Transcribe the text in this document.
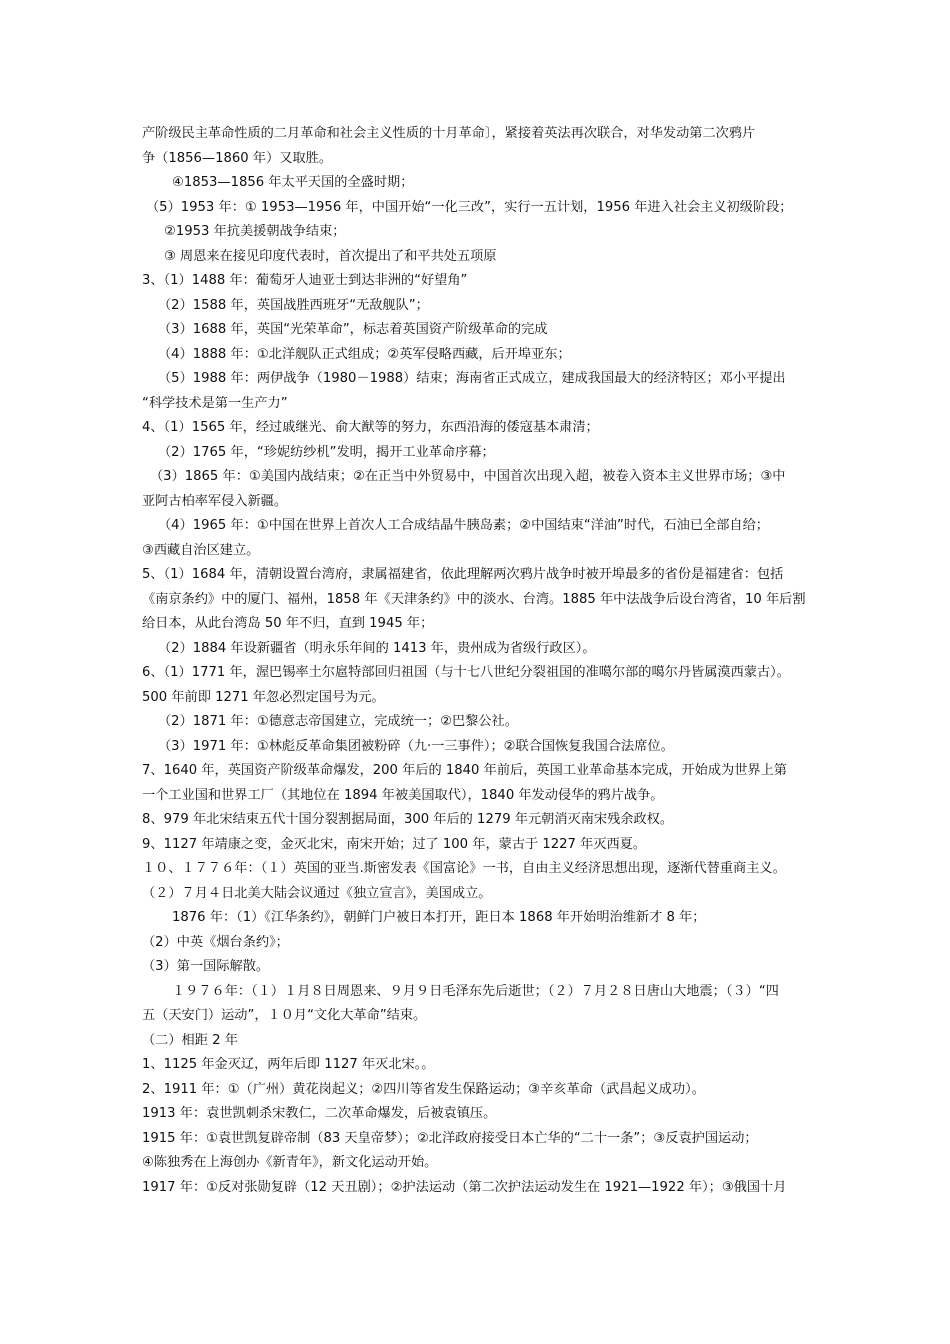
产阶级民主革命性质的二月革命和社会主义性质的十月革命〕，紧接着英法再次联合，对华发动第二次鸦片
争（1856—1860 年）又取胜。
④1853—1856 年太平天国的全盛时期；
（5）1953 年：① 1953—1956 年，中国开始“一化三改”，实行一五计划，1956 年进入社会主义初级阶段；
②1953 年抗美援朝战争结束；
③ 周恩来在接见印度代表时，首次提出了和平共处五项原
3、（1）1488 年：葡萄牙人迪亚士到达非洲的“好望角”
（2）1588 年，英国战胜西班牙“无敌舰队”；
（3）1688 年，英国“光荣革命”，标志着英国资产阶级革命的完成
（4）1888 年：①北洋舰队正式组成；②英军侵略西藏，后开埠亚东；
（5）1988 年：两伊战争（1980－1988）结束；海南省正式成立，建成我国最大的经济特区；邓小平提出
“科学技术是第一生产力”
4、（1）1565 年，经过戚继光、俞大猷等的努力，东西沿海的倭寇基本肃清；
（2）1765 年，“珍妮纺纱机”发明，揭开工业革命序幕；
（3）1865 年：①美国内战结束；②在正当中外贸易中，中国首次出现入超，被卷入资本主义世界市场；③中
亚阿古柏率军侵入新疆。
（4）1965 年：①中国在世界上首次人工合成结晶牛胰岛素；②中国结束“洋油”时代，石油已全部自给；
③西藏自治区建立。
5、（1）1684 年，清朝设置台湾府，隶属福建省，依此理解两次鸦片战争时被开埠最多的省份是福建省：包括
《南京条约》中的厦门、福州，1858 年《天津条约》中的淡水、台湾。1885 年中法战争后设台湾省，10 年后割
给日本，从此台湾岛 50 年不归，直到 1945 年；
（2）1884 年设新疆省（明永乐年间的 1413 年，贵州成为省级行政区）。
6、（1）1771 年，渥巴锡率土尔扈特部回归祖国（与十七八世纪分裂祖国的准噶尔部的噶尔丹皆属漠西蒙古）。
500 年前即 1271 年忽必烈定国号为元。
（2）1871 年：①德意志帝国建立，完成统一；②巴黎公社。
（3）1971 年：①林彪反革命集团被粉碎（九·一三事件）；②联合国恢复我国合法席位。
7、1640 年，英国资产阶级革命爆发，200 年后的 1840 年前后，英国工业革命基本完成，开始成为世界上第
一个工业国和世界工厂（其地位在 1894 年被美国取代），1840 年发动侵华的鸦片战争。
8、979 年北宋结束五代十国分裂割据局面，300 年后的 1279 年元朝消灭南宋残余政权。
9、1127 年靖康之变，金灭北宋，南宋开始；过了 100 年，蒙古于 1227 年灭西夏。
１０、１７７６年：（１）英国的亚当.斯密发表《国富论》一书，自由主义经济思想出现，逐渐代替重商主义。
（２）７月４日北美大陆会议通过《独立宣言》，美国成立。
1876 年：（1）《江华条约》，朝鲜门户被日本打开，距日本 1868 年开始明治维新才 8 年；
（2）中英《烟台条约》；
（3）第一国际解散。
１９７６年：（１）１月８日周恩来、９月９日毛泽东先后逝世；（２）７月２８日唐山大地震；（３）“四
五（天安门）运动”，１０月“文化大革命”结束。
（二）相距 2 年
1、1125 年金灭辽，两年后即 1127 年灭北宋。。
2、1911 年：①（广州）黄花岗起义；②四川等省发生保路运动；③辛亥革命（武昌起义成功）。
1913 年：袁世凯刺杀宋教仁，二次革命爆发，后被袁镇压。
1915 年：①袁世凯复辟帝制（83 天皇帝梦）；②北洋政府接受日本亡华的“二十一条”；③反袁护国运动；
④陈独秀在上海创办《新青年》，新文化运动开始。
1917 年：①反对张勋复辟（12 天丑剧）；②护法运动（第二次护法运动发生在 1921—1922 年）；③俄国十月
